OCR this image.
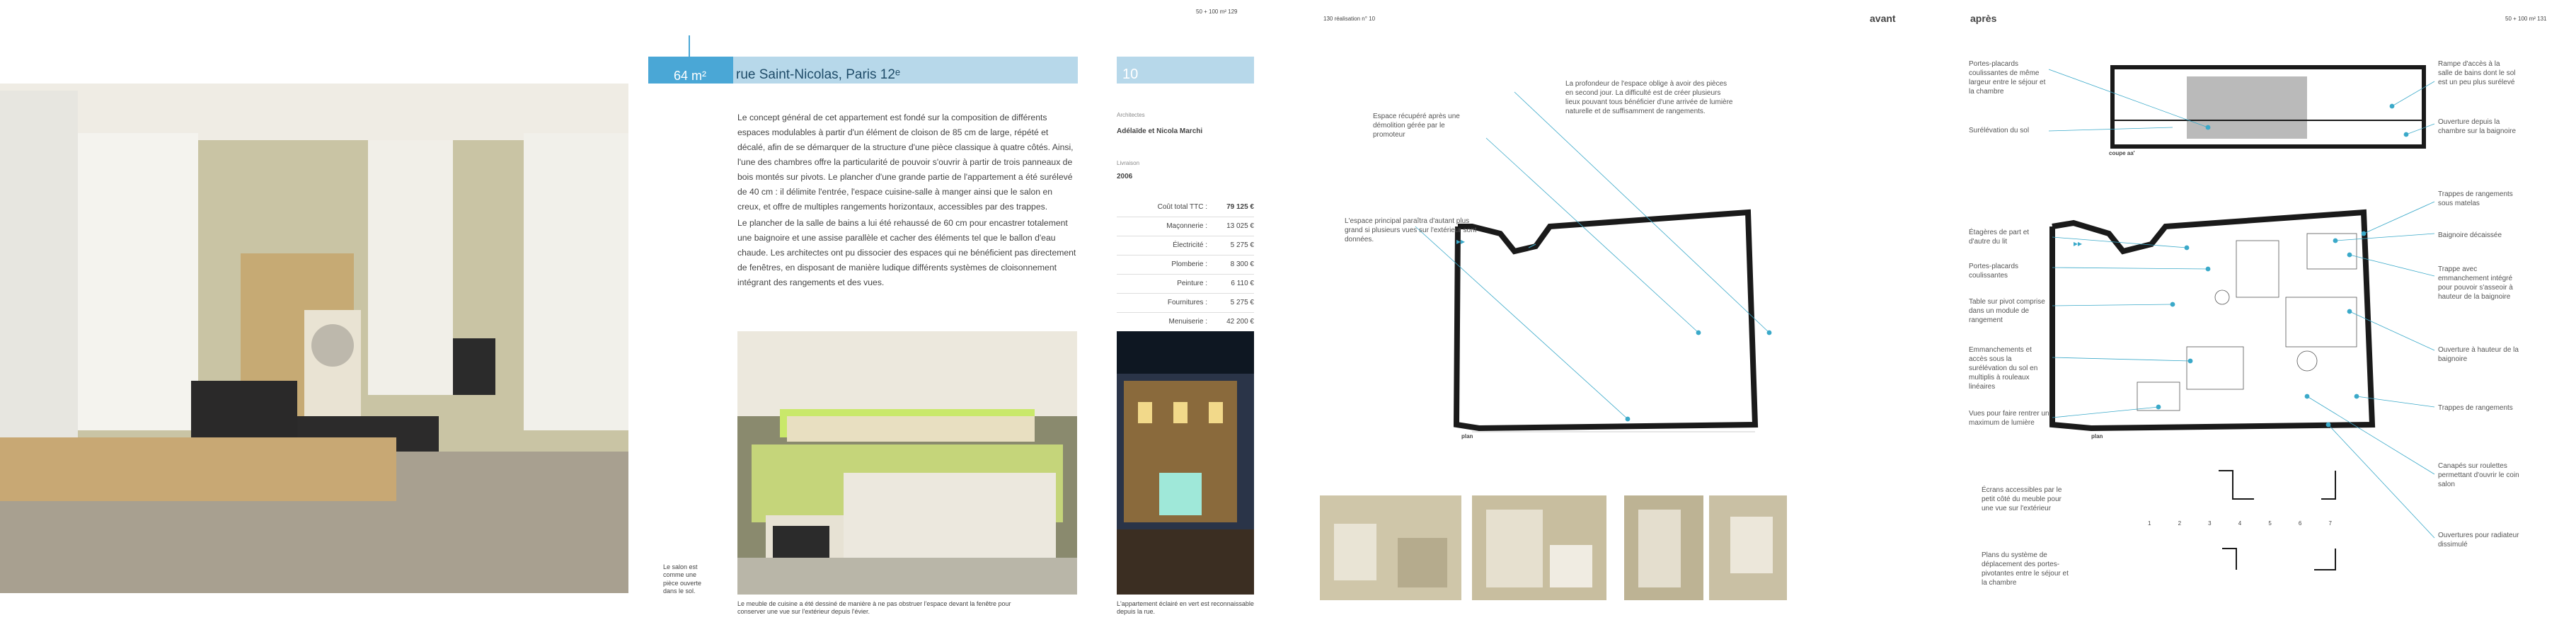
Le salon est comme une pièce ouverte dans le sol.
50 + 100 m² 129
64 m² rue Saint-Nicolas, Paris 12ᵉ	10

Le concept général de cet appartement est fondé sur la composition de différents espaces modulables à partir d'un élément de cloison de 85 cm de large, répété et décalé, afin de se démarquer de la structure d'une pièce classique à quatre côtés. Ainsi, l'une des chambres offre la particularité de pouvoir s'ouvrir à partir de trois panneaux de bois montés sur pivots. Le plancher d'une grande partie de l'appartement a été surélevé de 40 cm : il délimite l'entrée, l'espace cuisine-salle à manger ainsi que le salon en creux, et offre de multiples rangements horizontaux, accessibles par des trappes.

Le plancher de la salle de bains a lui été rehaussé de 60 cm pour encastrer totalement une baignoire et une assise parallèle et cacher des éléments tel que le ballon d'eau chaude. Les architectes ont pu dissocier des espaces qui ne bénéficient pas directement de fenêtres, en disposant de manière ludique différents systèmes de cloisonnement intégrant des rangements et des vues.

Architectes
Adélaïde et Nicola Marchi
Livraison
2006
Coût total TTC :	79 125 €
Maçonnerie :	13 025 €
Électricité :	5 275 €
Plomberie :	8 300 €
Peinture :	6 110 €
Fournitures :	5 275 €
Menuiserie :	42 200 €
Le meuble de cuisine a été dessiné de manière à ne pas obstruer l'espace devant la fenêtre pour conserver une vue sur l'extérieur depuis l'évier.
L'appartement éclairé en vert est reconnaissable depuis la rue.
130 réalisation n° 10	avant	après	50 + 100 m² 131
▸▸
Espace récupéré après une démolition gérée par le promoteur
La profondeur de l'espace oblige à avoir des pièces en second jour. La difficulté est de créer plusieurs lieux pouvant tous bénéficier d'une arrivée de lumière naturelle et de suffisamment de rangements.
L'espace principal paraîtra d'autant plus grand si plusieurs vues sur l'extérieur sont données.
plan
▸▸
coupe aa'
plan
Portes-placards coulissantes de même largeur entre le séjour et la chambre
Surélévation du sol
Étagères de part et d'autre du lit
Portes-placards coulissantes
Table sur pivot comprise dans un module de rangement
Emmanchements et accès sous la surélévation du sol en multiplis à rouleaux linéaires
Vues pour faire rentrer un maximum de lumière
Écrans accessibles par le petit côté du meuble pour une vue sur l'extérieur
Plans du système de déplacement des portes-pivotantes entre le séjour et la chambre
Rampe d'accès à la salle de bains dont le sol est un peu plus surélevé
Ouverture depuis la chambre sur la baignoire
Trappes de rangements sous matelas
Baignoire décaissée
Trappe avec emmanchement intégré pour pouvoir s'asseoir à hauteur de la baignoire
Ouverture à hauteur de la baignoire
Trappes de rangements
Canapés sur roulettes permettant d'ouvrir le coin salon
Ouvertures pour radiateur dissimulé
1	2	3	4	5	6	7
